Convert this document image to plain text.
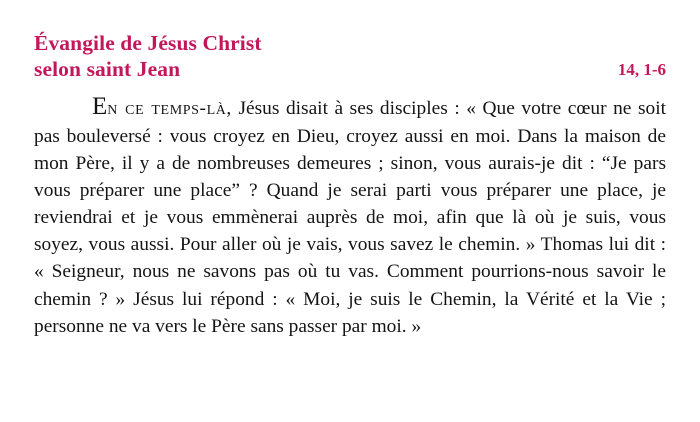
Évangile de Jésus Christ
selon saint Jean	14, 1-6
En ce temps-là, Jésus disait à ses disciples : « Que votre cœur ne soit pas bouleversé : vous croyez en Dieu, croyez aussi en moi. Dans la maison de mon Père, il y a de nombreuses demeures ; sinon, vous aurais-je dit : “Je pars vous préparer une place” ? Quand je serai parti vous préparer une place, je reviendrai et je vous emmènerai auprès de moi, afin que là où je suis, vous soyez, vous aussi. Pour aller où je vais, vous savez le chemin. » Thomas lui dit : « Seigneur, nous ne savons pas où tu vas. Comment pourrions-nous savoir le chemin ? » Jésus lui répond : « Moi, je suis le Chemin, la Vérité et la Vie ; personne ne va vers le Père sans passer par moi. »
